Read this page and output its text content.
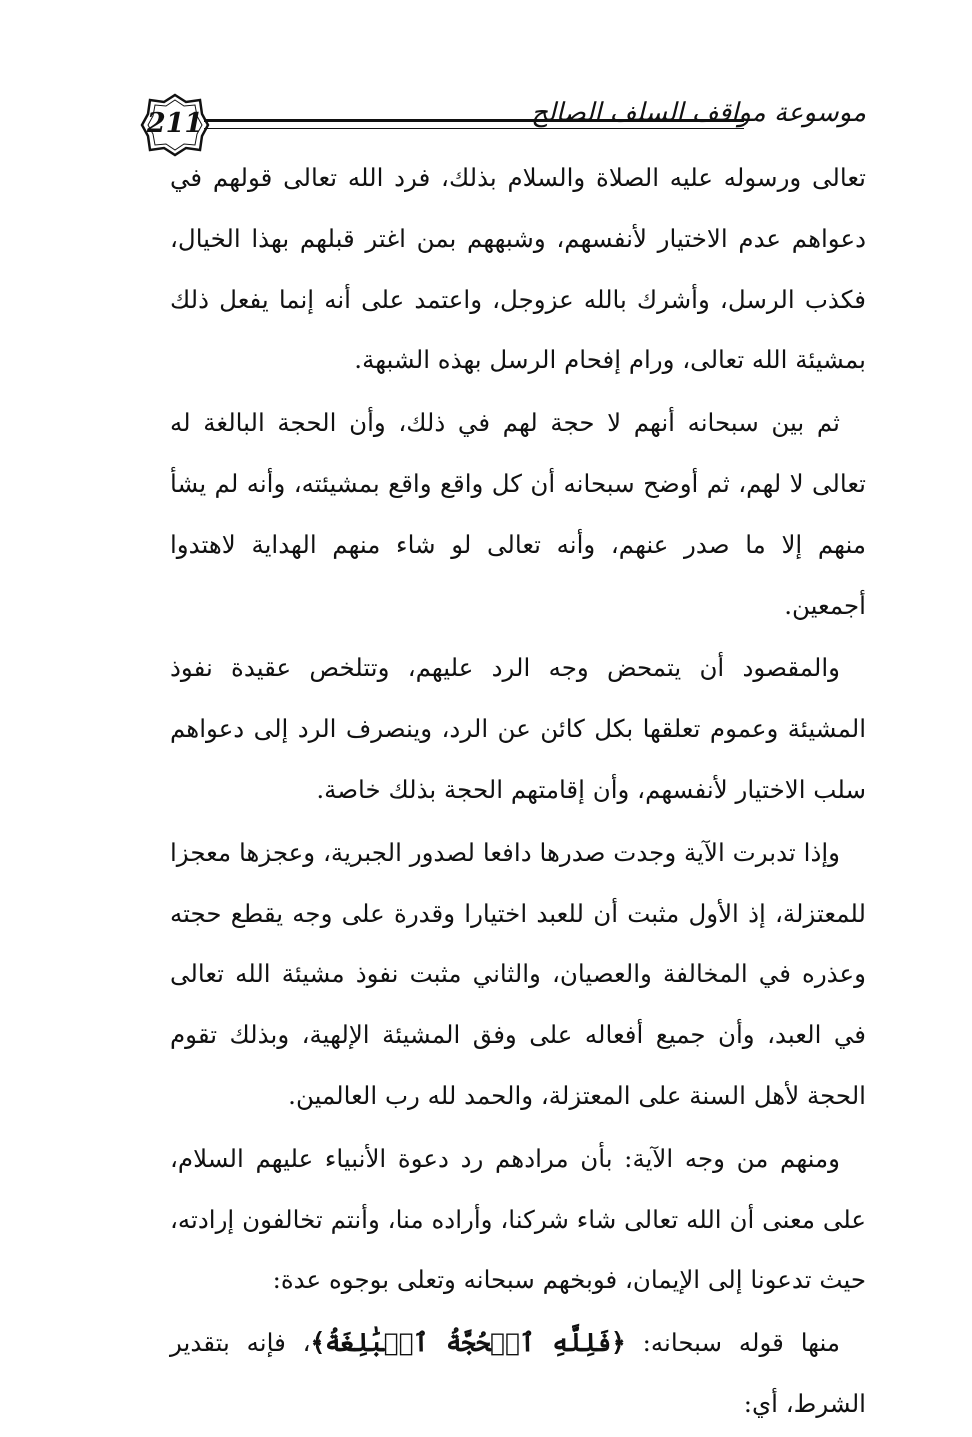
211	موسوعة مواقف السلف الصالح

تعالى ورسوله عليه الصلاة والسلام بذلك، فرد الله تعالى قولهم في دعواهم عدم الاختيار لأنفسهم، وشبههم بمن اغتر قبلهم بهذا الخيال، فكذب الرسل، وأشرك بالله عزوجل، واعتمد على أنه إنما يفعل ذلك بمشيئة الله تعالى، ورام إفحام الرسل بهذه الشبهة.

ثم بين سبحانه أنهم لا حجة لهم في ذلك، وأن الحجة البالغة له تعالى لا لهم، ثم أوضح سبحانه أن كل واقع واقع بمشيئته، وأنه لم يشأ منهم إلا ما صدر عنهم، وأنه تعالى لو شاء منهم الهداية لاهتدوا أجمعين.

والمقصود أن يتمحض وجه الرد عليهم، وتتلخص عقيدة نفوذ المشيئة وعموم تعلقها بكل كائن عن الرد، وينصرف الرد إلى دعواهم سلب الاختيار لأنفسهم، وأن إقامتهم الحجة بذلك خاصة.

وإذا تدبرت الآية وجدت صدرها دافعا لصدور الجبرية، وعجزها معجزا للمعتزلة، إذ الأول مثبت أن للعبد اختيارا وقدرة على وجه يقطع حجته وعذره في المخالفة والعصيان، والثاني مثبت نفوذ مشيئة الله تعالى في العبد، وأن جميع أفعاله على وفق المشيئة الإلهية، وبذلك تقوم الحجة لأهل السنة على المعتزلة، والحمد لله رب العالمين.

ومنهم من وجه الآية: بأن مرادهم رد دعوة الأنبياء عليهم السلام، على معنى أن الله تعالى شاء شركنا، وأراده منا، وأنتم تخالفون إرادته، حيث تدعونا إلى الإيمان، فوبخهم سبحانه وتعلى بوجوه عدة:

منها قوله سبحانه: ﴿فَلِلَّهِ ٱلۡحُجَّةُ ٱلۡبَٰلِغَةُ﴾، فإنه بتقدير الشرط، أي:
